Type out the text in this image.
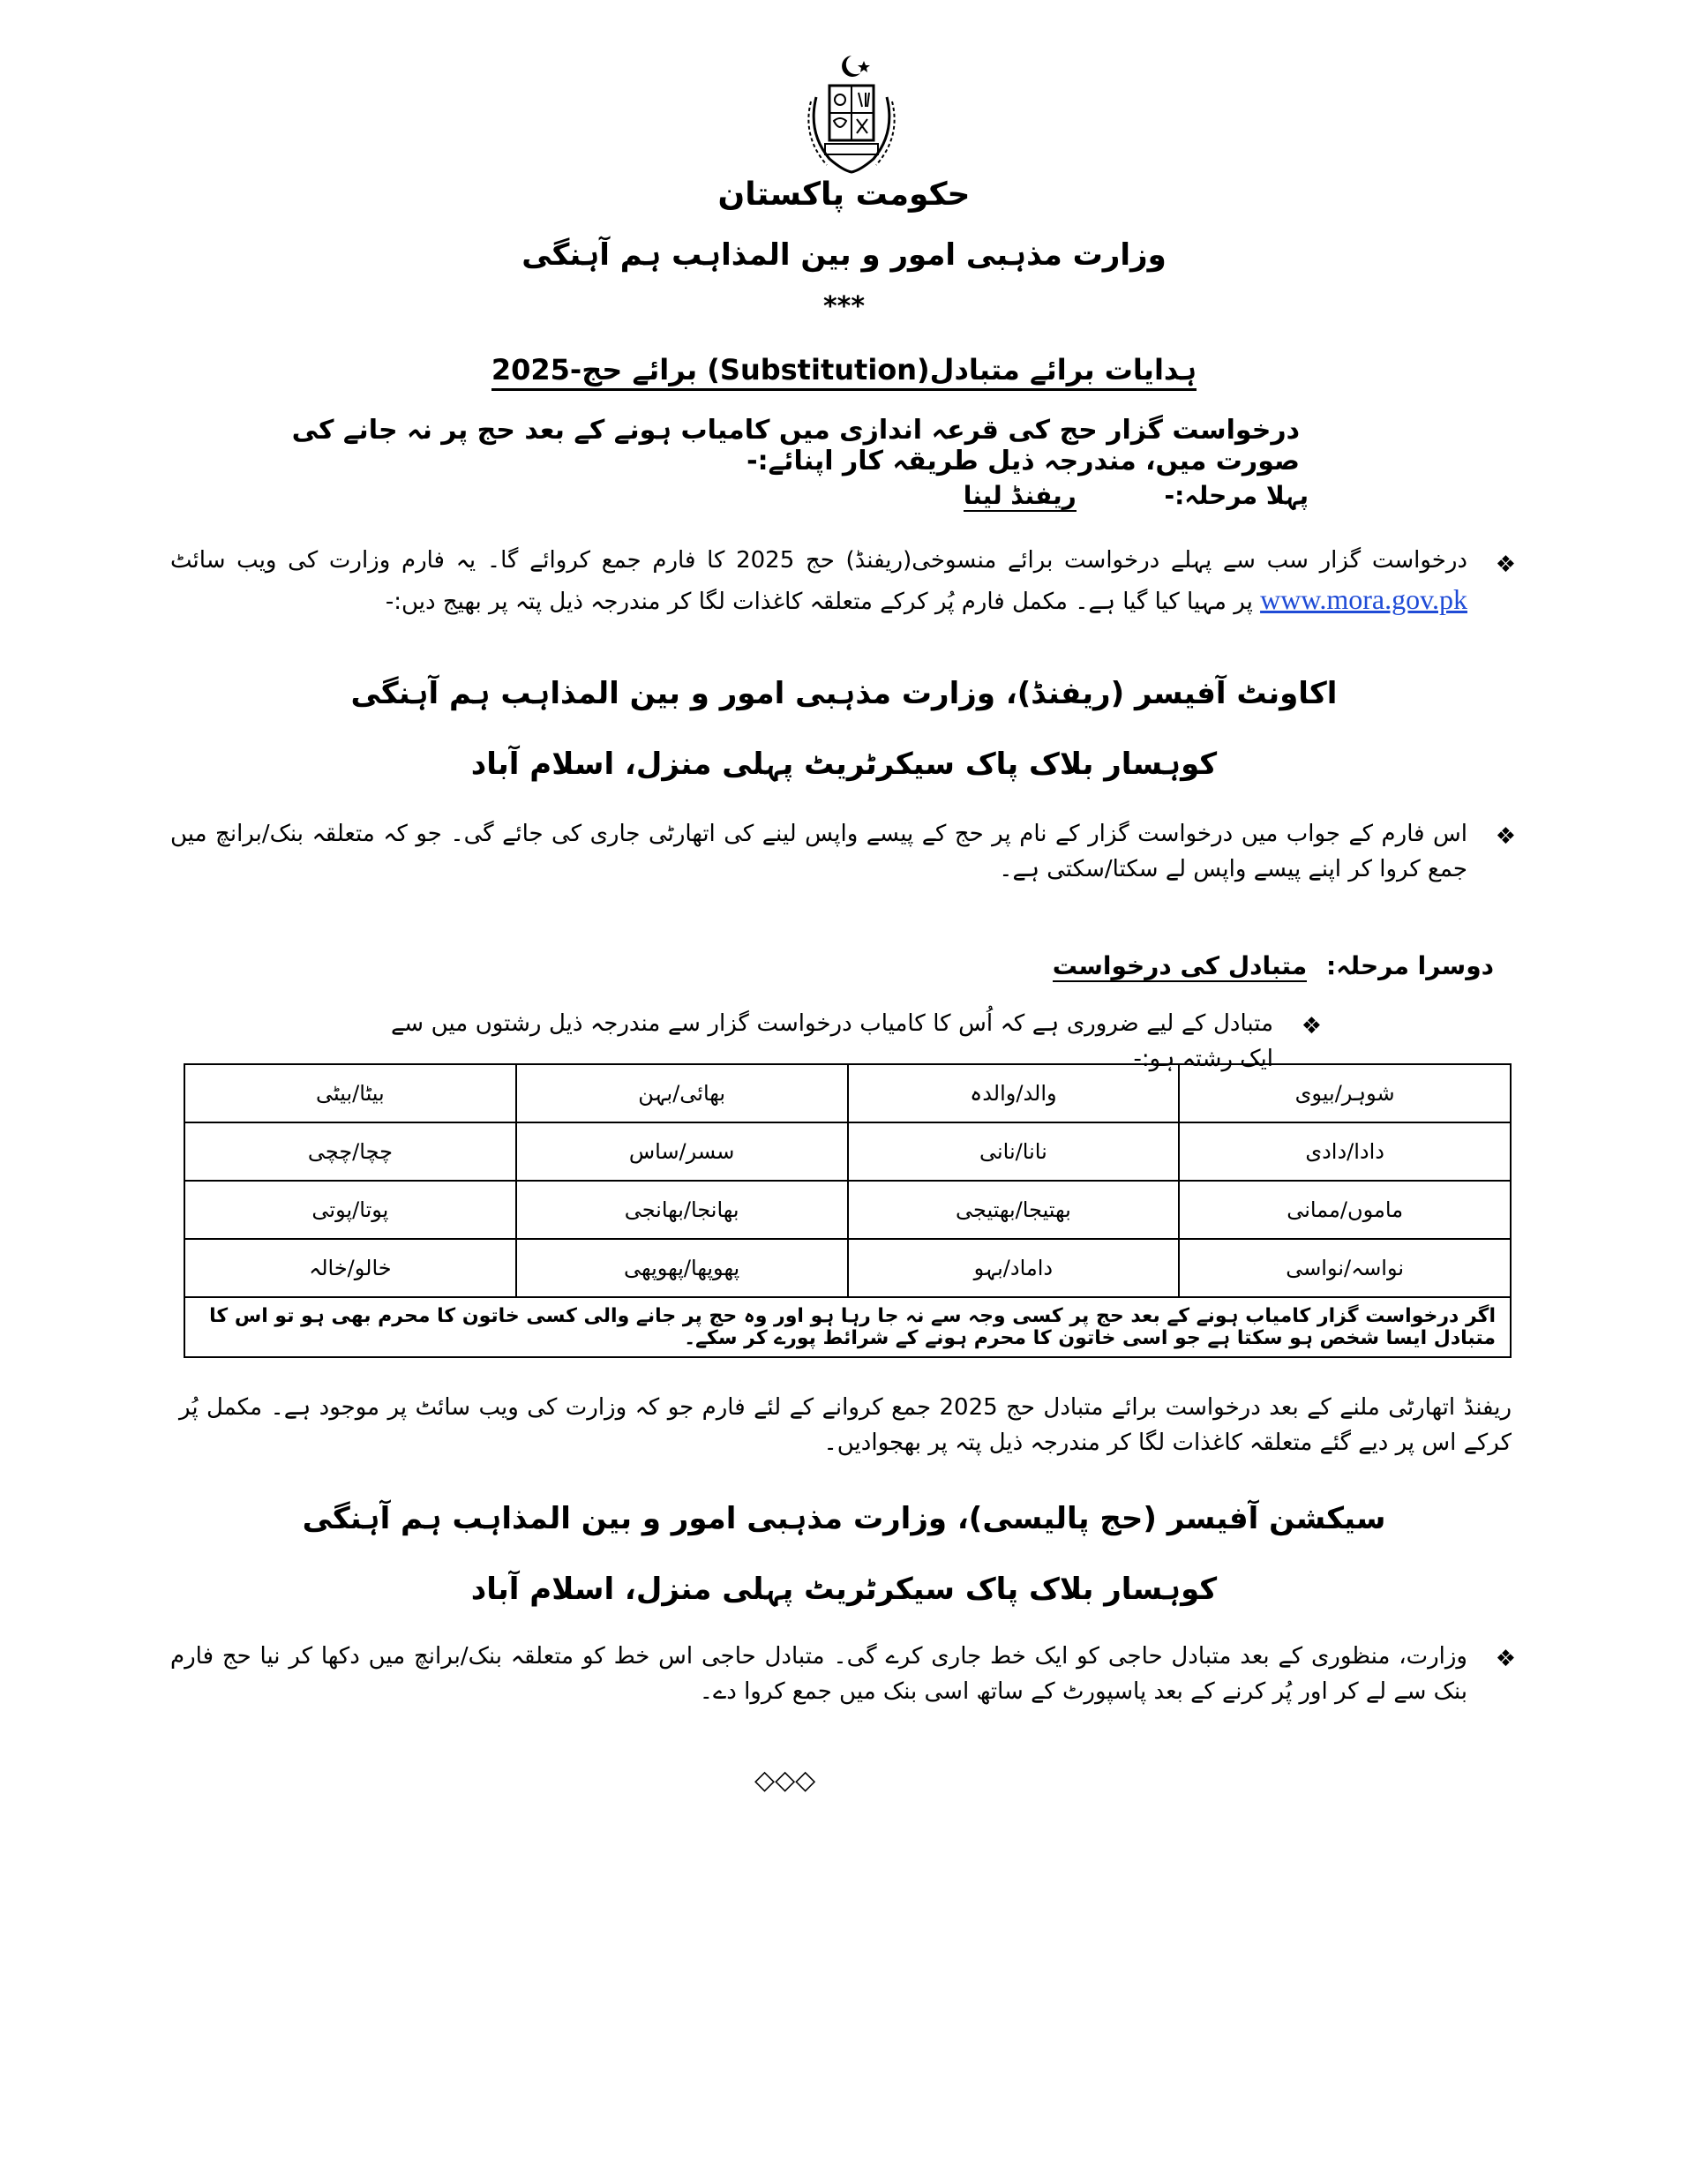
حکومت پاکستان
وزارت مذہبی امور و بین المذاہب ہم آہنگی
***
ہدایات برائے متبادل(Substitution) برائے حج-2025
درخواست گزار حج کی قرعہ اندازی میں کامیاب ہونے کے بعد حج پر نہ جانے کی صورت میں، مندرجہ ذیل طریقہ کار اپنائے:-
پہلا مرحلہ:- ریفنڈ لینا
❖
درخواست گزار سب سے پہلے درخواست برائے منسوخی(ریفنڈ) حج 2025 کا فارم جمع کروائے گا۔ یہ فارم وزارت کی ویب سائٹ www.mora.gov.pk پر مہیا کیا گیا ہے۔ مکمل فارم پُر کرکے متعلقہ کاغذات لگا کر مندرجہ ذیل پتہ پر بھیج دیں:-
اکاونٹ آفیسر (ریفنڈ)، وزارت مذہبی امور و بین المذاہب ہم آہنگی
کوہسار بلاک پاک سیکرٹریٹ پہلی منزل، اسلام آباد
❖
اس فارم کے جواب میں درخواست گزار کے نام پر حج کے پیسے واپس لینے کی اتھارٹی جاری کی جائے گی۔ جو کہ متعلقہ بنک/برانچ میں جمع کروا کر اپنے پیسے واپس لے سکتا/سکتی ہے۔
دوسرا مرحلہ: متبادل کی درخواست
❖
متبادل کے لیے ضروری ہے کہ اُس کا کامیاب درخواست گزار سے مندرجہ ذیل رشتوں میں سے ایک رشتہ ہو:-
شوہر/بیوی	والد/والدہ	بھائی/بہن	بیٹا/بیٹی
دادا/دادی	نانا/نانی	سسر/ساس	چچا/چچی
ماموں/ممانی	بھتیجا/بھتیجی	بھانجا/بھانجی	پوتا/پوتی
نواسہ/نواسی	داماد/بہو	پھوپھا/پھوپھی	خالو/خالہ
اگر درخواست گزار کامیاب ہونے کے بعد حج پر کسی وجہ سے نہ جا رہا ہو اور وہ حج پر جانے والی کسی خاتون کا محرم بھی ہو تو اس کا متبادل ایسا شخص ہو سکتا ہے جو اسی خاتون کا محرم ہونے کے شرائط پورے کر سکے۔			
ریفنڈ اتھارٹی ملنے کے بعد درخواست برائے متبادل حج 2025 جمع کروانے کے لئے فارم جو کہ وزارت کی ویب سائٹ پر موجود ہے۔ مکمل پُر کرکے اس پر دیے گئے متعلقہ کاغذات لگا کر مندرجہ ذیل پتہ پر بھجوادیں۔
سیکشن آفیسر (حج پالیسی)، وزارت مذہبی امور و بین المذاہب ہم آہنگی
کوہسار بلاک پاک سیکرٹریٹ پہلی منزل، اسلام آباد
❖
وزارت، منظوری کے بعد متبادل حاجی کو ایک خط جاری کرے گی۔ متبادل حاجی اس خط کو متعلقہ بنک/برانچ میں دکھا کر نیا حج فارم بنک سے لے کر اور پُر کرنے کے بعد پاسپورٹ کے ساتھ اسی بنک میں جمع کروا دے۔
◇◇◇
